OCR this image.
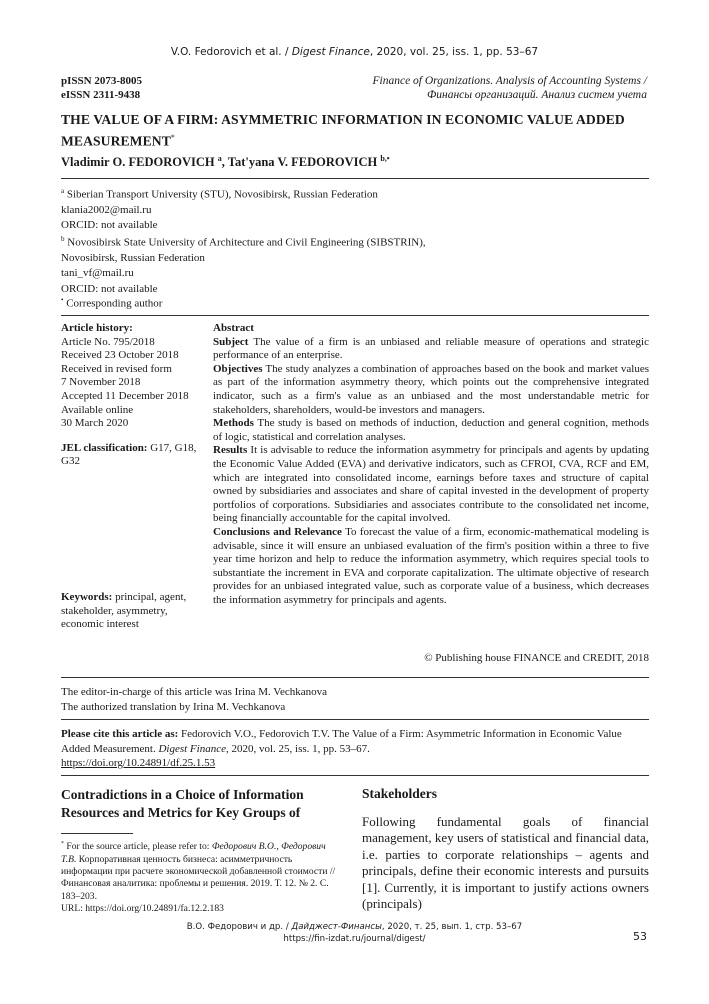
V.O. Fedorovich et al. / Digest Finance, 2020, vol. 25, iss. 1, pp. 53–67
pISSN 2073-8005
eISSN 2311-9438
Finance of Organizations. Analysis of Accounting Systems /
Финансы организаций. Анализ систем учета
THE VALUE OF A FIRM: ASYMMETRIC INFORMATION IN ECONOMIC VALUE ADDED MEASUREMENT*
Vladimir O. FEDOROVICH $^a$, Tat'yana V. FEDOROVICH $^{b,•}$
$^a$ Siberian Transport University (STU), Novosibirsk, Russian Federation
klania2002@mail.ru
ORCID: not available
$^b$ Novosibirsk State University of Architecture and Civil Engineering (SIBSTRIN),
Novosibirsk, Russian Federation
tani_vf@mail.ru
ORCID: not available
• Corresponding author
Article history:
Article No. 795/2018
Received 23 October 2018
Received in revised form
7 November 2018
Accepted 11 December 2018
Available online
30 March 2020
JEL classification: G17, G18, G32
Keywords: principal, agent, stakeholder, asymmetry, economic interest

Abstract

Subject The value of a firm is an unbiased and reliable measure of operations and strategic performance of an enterprise.

Objectives The study analyzes a combination of approaches based on the book and market values as part of the information asymmetry theory, which points out the comprehensive integrated indicator, such as a firm's value as an unbiased and the most understandable metric for stakeholders, shareholders, would-be investors and managers.

Methods The study is based on methods of induction, deduction and general cognition, methods of logic, statistical and correlation analyses.

Results It is advisable to reduce the information asymmetry for principals and agents by updating the Economic Value Added (EVA) and derivative indicators, such as CFROI, CVA, RCF and EM, which are integrated into consolidated income, earnings before taxes and structure of capital owned by subsidiaries and associates and share of capital invested in the development of property portfolios of corporations. Subsidiaries and associates contribute to the consolidated net income, being financially accountable for the capital involved.

Conclusions and Relevance To forecast the value of a firm, economic-mathematical modeling is advisable, since it will ensure an unbiased evaluation of the firm's position within a three to five year time horizon and help to reduce the information asymmetry, which requires special tools to substantiate the increment in EVA and corporate capitalization. The ultimate objective of research provides for an unbiased integrated value, such as corporate value of a business, which decreases the information asymmetry for principals and agents.

© Publishing house FINANCE and CREDIT, 2018
The editor-in-charge of this article was Irina M. Vechkanova
The authorized translation by Irina M. Vechkanova
Please cite this article as: Fedorovich V.O., Fedorovich T.V. The Value of a Firm: Asymmetric Information in Economic Value Added Measurement. Digest Finance, 2020, vol. 25, iss. 1, pp. 53–67.
https://doi.org/10.24891/df.25.1.53
Contradictions in a Choice of Information Resources and Metrics for Key Groups of
* For the source article, please refer to: Федорович В.О., Федорович Т.В. Корпоративная ценность бизнеса: асимметричность информации при расчете экономической добавленной стоимости // Финансовая аналитика: проблемы и решения. 2019. Т. 12. № 2. С. 183–203.
URL: https://doi.org/10.24891/fa.12.2.183
Stakeholders
Following fundamental goals of financial management, key users of statistical and financial data, i.e. parties to corporate relationships – agents and principals, define their economic interests and pursuits [1]. Currently, it is important to justify actions owners (principals)
В.О. Федорович и др. / Дайджест-Финансы, 2020, т. 25, вып. 1, стр. 53–67
https://fin-izdat.ru/journal/digest/	53
